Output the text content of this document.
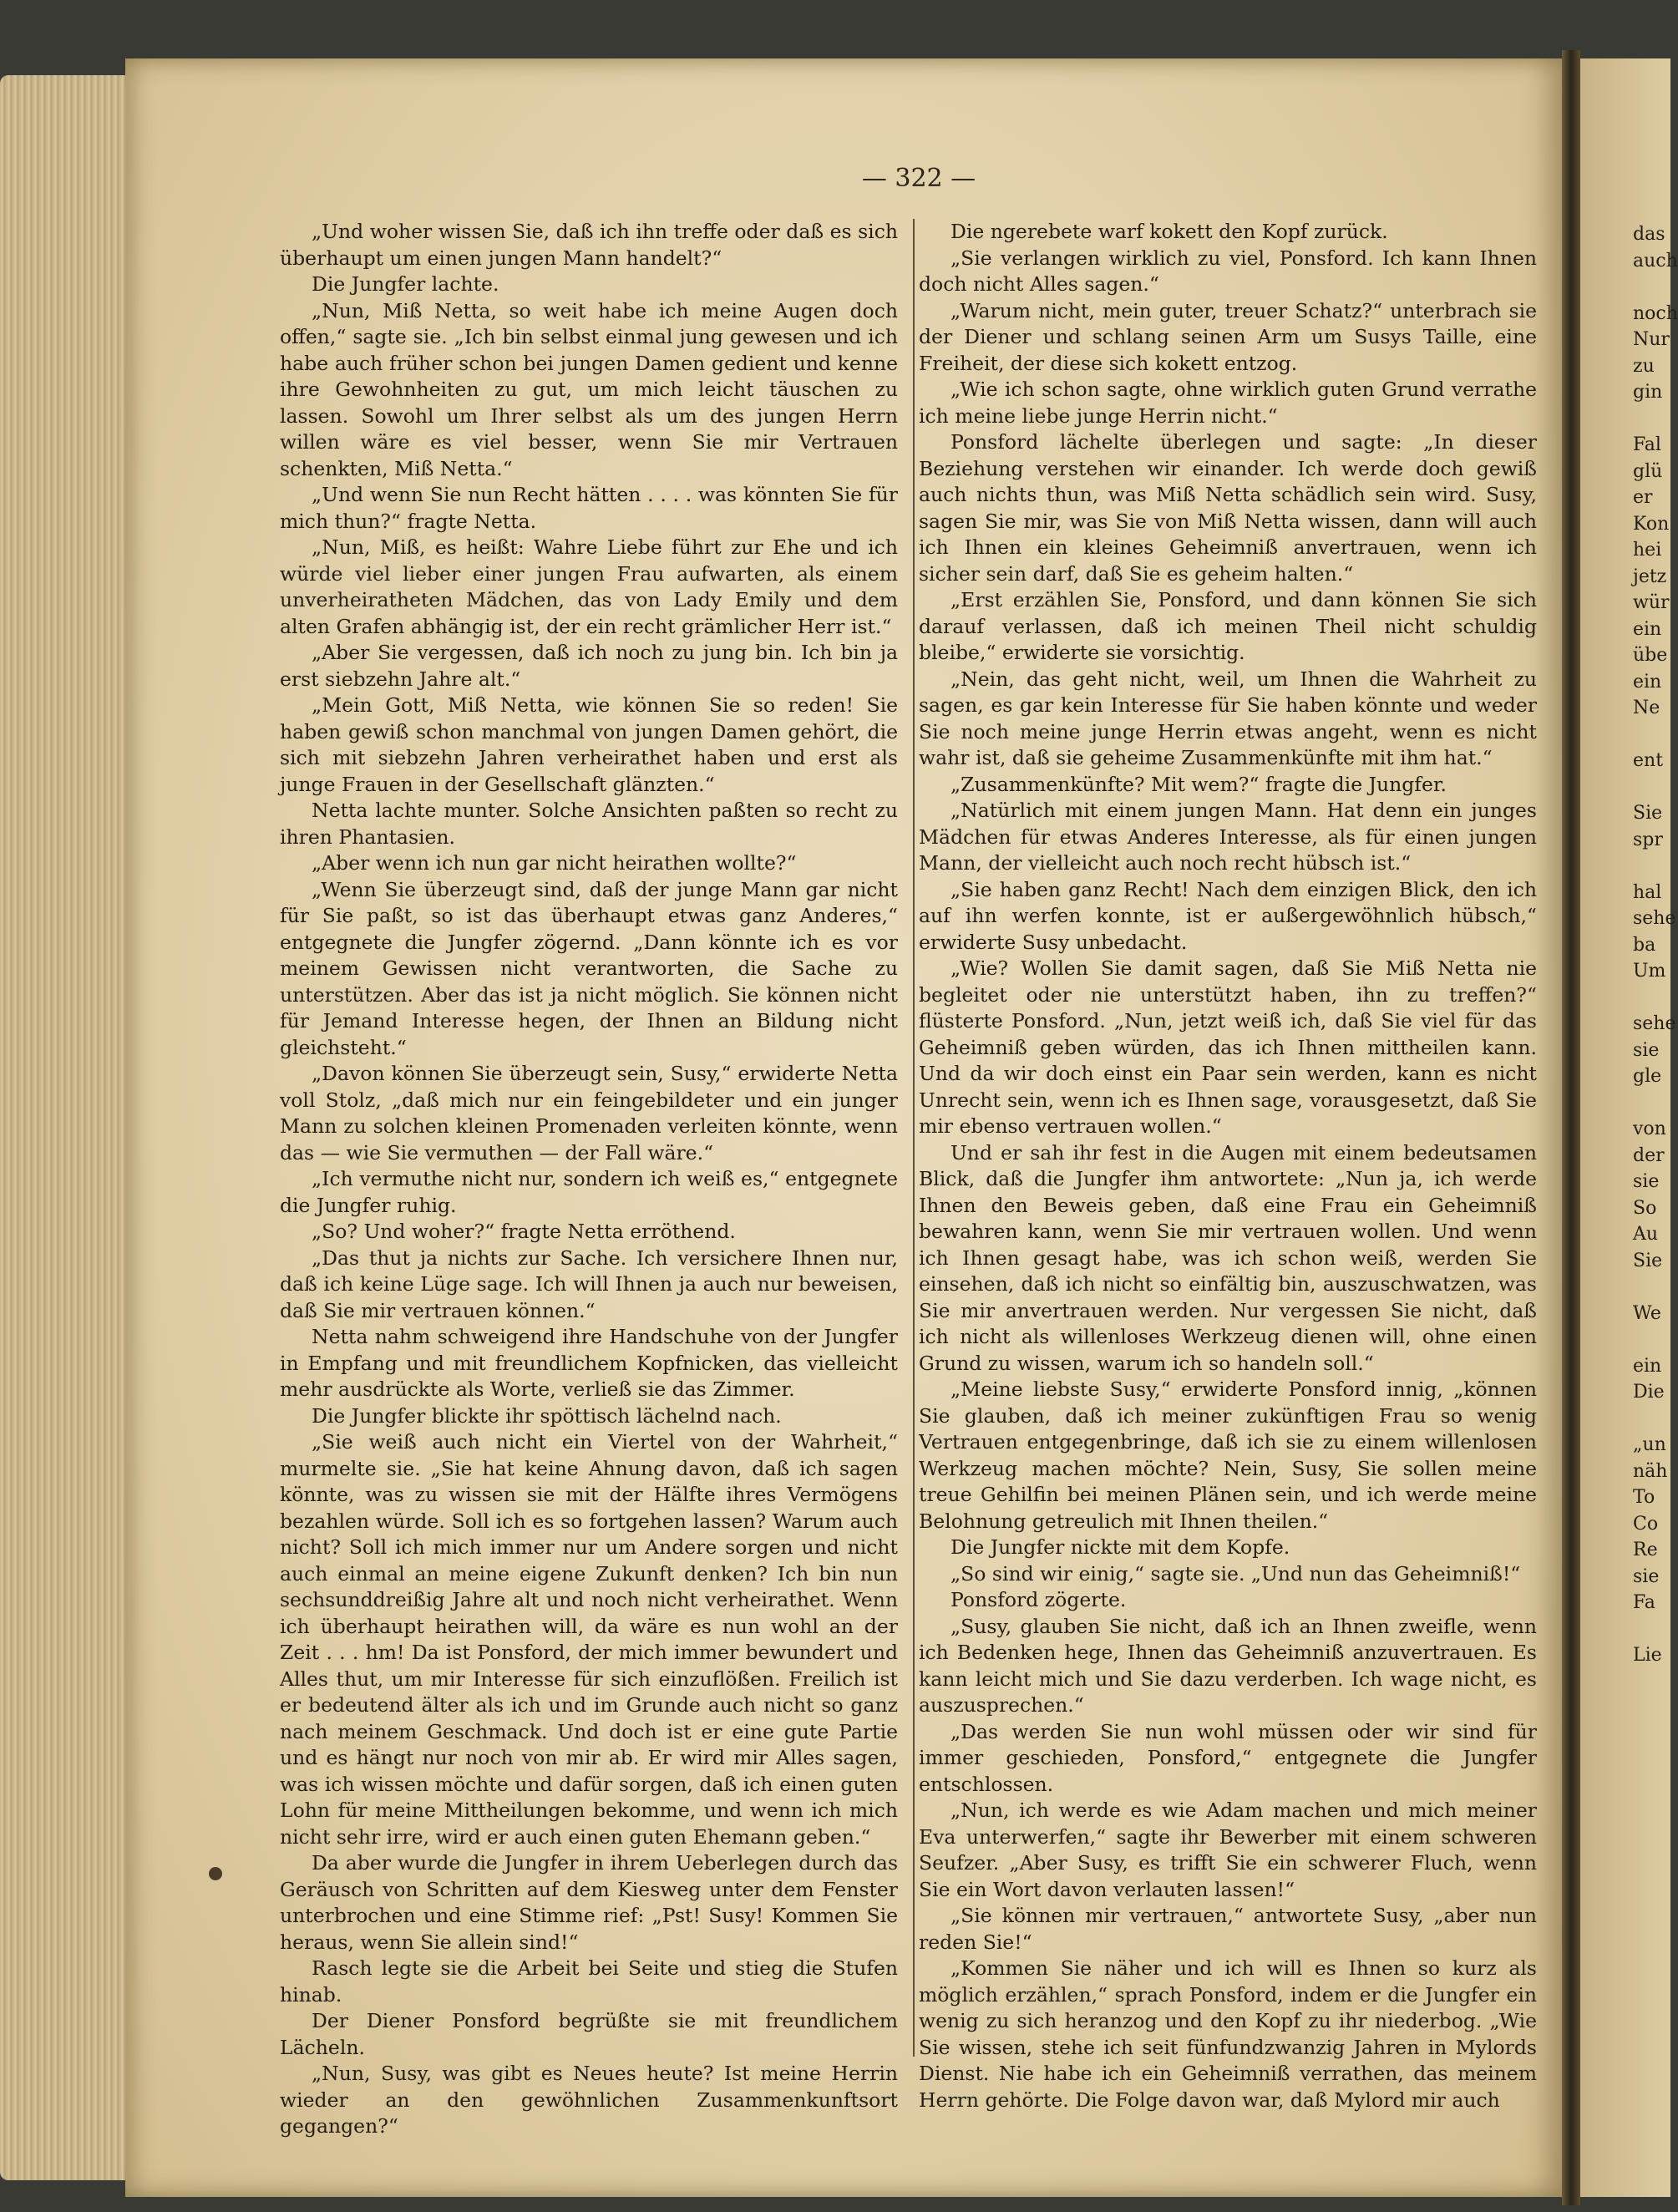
— 322 —

„Und woher wissen Sie, daß ich ihn treffe oder daß es sich überhaupt um einen jungen Mann handelt?“

Die Jungfer lachte.

„Nun, Miß Netta, so weit habe ich meine Augen doch offen,“ sagte sie. „Ich bin selbst einmal jung gewesen und ich habe auch früher schon bei jungen Damen gedient und kenne ihre Gewohnheiten zu gut, um mich leicht täuschen zu lassen. Sowohl um Ihrer selbst als um des jungen Herrn willen wäre es viel besser, wenn Sie mir Vertrauen schenkten, Miß Netta.“

„Und wenn Sie nun Recht hätten . . . . was könnten Sie für mich thun?“ fragte Netta.

„Nun, Miß, es heißt: Wahre Liebe führt zur Ehe und ich würde viel lieber einer jungen Frau aufwarten, als einem unverheiratheten Mädchen, das von Lady Emily und dem alten Grafen abhängig ist, der ein recht grämlicher Herr ist.“

„Aber Sie vergessen, daß ich noch zu jung bin. Ich bin ja erst siebzehn Jahre alt.“

„Mein Gott, Miß Netta, wie können Sie so reden! Sie haben gewiß schon manchmal von jungen Damen gehört, die sich mit siebzehn Jahren verheirathet haben und erst als junge Frauen in der Gesellschaft glänzten.“

Netta lachte munter. Solche Ansichten paßten so recht zu ihren Phantasien.

„Aber wenn ich nun gar nicht heirathen wollte?“

„Wenn Sie überzeugt sind, daß der junge Mann gar nicht für Sie paßt, so ist das überhaupt etwas ganz Anderes,“ entgegnete die Jungfer zögernd. „Dann könnte ich es vor meinem Gewissen nicht verantworten, die Sache zu unterstützen. Aber das ist ja nicht möglich. Sie können nicht für Jemand Interesse hegen, der Ihnen an Bildung nicht gleichsteht.“

„Davon können Sie überzeugt sein, Susy,“ erwiderte Netta voll Stolz, „daß mich nur ein feingebildeter und ein junger Mann zu solchen kleinen Promenaden verleiten könnte, wenn das — wie Sie vermuthen — der Fall wäre.“

„Ich vermuthe nicht nur, sondern ich weiß es,“ entgegnete die Jungfer ruhig.

„So? Und woher?“ fragte Netta erröthend.

„Das thut ja nichts zur Sache. Ich versichere Ihnen nur, daß ich keine Lüge sage. Ich will Ihnen ja auch nur beweisen, daß Sie mir vertrauen können.“

Netta nahm schweigend ihre Handschuhe von der Jungfer in Empfang und mit freundlichem Kopfnicken, das vielleicht mehr ausdrückte als Worte, verließ sie das Zimmer.

Die Jungfer blickte ihr spöttisch lächelnd nach.

„Sie weiß auch nicht ein Viertel von der Wahrheit,“ murmelte sie. „Sie hat keine Ahnung davon, daß ich sagen könnte, was zu wissen sie mit der Hälfte ihres Vermögens bezahlen würde. Soll ich es so fortgehen lassen? Warum auch nicht? Soll ich mich immer nur um Andere sorgen und nicht auch einmal an meine eigene Zukunft denken? Ich bin nun sechsunddreißig Jahre alt und noch nicht verheirathet. Wenn ich überhaupt heirathen will, da wäre es nun wohl an der Zeit . . . hm! Da ist Ponsford, der mich immer bewundert und Alles thut, um mir Interesse für sich einzuflößen. Freilich ist er bedeutend älter als ich und im Grunde auch nicht so ganz nach meinem Geschmack. Und doch ist er eine gute Partie und es hängt nur noch von mir ab. Er wird mir Alles sagen, was ich wissen möchte und dafür sorgen, daß ich einen guten Lohn für meine Mittheilungen bekomme, und wenn ich mich nicht sehr irre, wird er auch einen guten Ehemann geben.“

Da aber wurde die Jungfer in ihrem Ueberlegen durch das Geräusch von Schritten auf dem Kiesweg unter dem Fenster unterbrochen und eine Stimme rief: „Pst! Susy! Kommen Sie heraus, wenn Sie allein sind!“

Rasch legte sie die Arbeit bei Seite und stieg die Stufen hinab.

Der Diener Ponsford begrüßte sie mit freundlichem Lächeln.

„Nun, Susy, was gibt es Neues heute? Ist meine Herrin wieder an den gewöhnlichen Zusammenkunftsort gegangen?“

Die ngerebete warf kokett den Kopf zurück.

„Sie verlangen wirklich zu viel, Ponsford. Ich kann Ihnen doch nicht Alles sagen.“

„Warum nicht, mein guter, treuer Schatz?“ unterbrach sie der Diener und schlang seinen Arm um Susys Taille, eine Freiheit, der diese sich kokett entzog.

„Wie ich schon sagte, ohne wirklich guten Grund verrathe ich meine liebe junge Herrin nicht.“

Ponsford lächelte überlegen und sagte: „In dieser Beziehung verstehen wir einander. Ich werde doch gewiß auch nichts thun, was Miß Netta schädlich sein wird. Susy, sagen Sie mir, was Sie von Miß Netta wissen, dann will auch ich Ihnen ein kleines Geheimniß anvertrauen, wenn ich sicher sein darf, daß Sie es geheim halten.“

„Erst erzählen Sie, Ponsford, und dann können Sie sich darauf verlassen, daß ich meinen Theil nicht schuldig bleibe,“ erwiderte sie vorsichtig.

„Nein, das geht nicht, weil, um Ihnen die Wahrheit zu sagen, es gar kein Interesse für Sie haben könnte und weder Sie noch meine junge Herrin etwas angeht, wenn es nicht wahr ist, daß sie geheime Zusammenkünfte mit ihm hat.“

„Zusammenkünfte? Mit wem?“ fragte die Jungfer.

„Natürlich mit einem jungen Mann. Hat denn ein junges Mädchen für etwas Anderes Interesse, als für einen jungen Mann, der vielleicht auch noch recht hübsch ist.“

„Sie haben ganz Recht! Nach dem einzigen Blick, den ich auf ihn werfen konnte, ist er außergewöhnlich hübsch,“ erwiderte Susy unbedacht.

„Wie? Wollen Sie damit sagen, daß Sie Miß Netta nie begleitet oder nie unterstützt haben, ihn zu treffen?“ flüsterte Ponsford. „Nun, jetzt weiß ich, daß Sie viel für das Geheimniß geben würden, das ich Ihnen mittheilen kann. Und da wir doch einst ein Paar sein werden, kann es nicht Unrecht sein, wenn ich es Ihnen sage, vorausgesetzt, daß Sie mir ebenso vertrauen wollen.“

Und er sah ihr fest in die Augen mit einem bedeutsamen Blick, daß die Jungfer ihm antwortete: „Nun ja, ich werde Ihnen den Beweis geben, daß eine Frau ein Geheimniß bewahren kann, wenn Sie mir vertrauen wollen. Und wenn ich Ihnen gesagt habe, was ich schon weiß, werden Sie einsehen, daß ich nicht so einfältig bin, auszuschwatzen, was Sie mir anvertrauen werden. Nur vergessen Sie nicht, daß ich nicht als willenloses Werkzeug dienen will, ohne einen Grund zu wissen, warum ich so handeln soll.“

„Meine liebste Susy,“ erwiderte Ponsford innig, „können Sie glauben, daß ich meiner zukünftigen Frau so wenig Vertrauen entgegenbringe, daß ich sie zu einem willenlosen Werkzeug machen möchte? Nein, Susy, Sie sollen meine treue Gehilfin bei meinen Plänen sein, und ich werde meine Belohnung getreulich mit Ihnen theilen.“

Die Jungfer nickte mit dem Kopfe.

„So sind wir einig,“ sagte sie. „Und nun das Geheimniß!“

Ponsford zögerte.

„Susy, glauben Sie nicht, daß ich an Ihnen zweifle, wenn ich Bedenken hege, Ihnen das Geheimniß anzuvertrauen. Es kann leicht mich und Sie dazu verderben. Ich wage nicht, es auszusprechen.“

„Das werden Sie nun wohl müssen oder wir sind für immer geschieden, Ponsford,“ entgegnete die Jungfer entschlossen.

„Nun, ich werde es wie Adam machen und mich meiner Eva unterwerfen,“ sagte ihr Bewerber mit einem schweren Seufzer. „Aber Susy, es trifft Sie ein schwerer Fluch, wenn Sie ein Wort davon verlauten lassen!“

„Sie können mir vertrauen,“ antwortete Susy, „aber nun reden Sie!“

„Kommen Sie näher und ich will es Ihnen so kurz als möglich erzählen,“ sprach Ponsford, indem er die Jungfer ein wenig zu sich heranzog und den Kopf zu ihr niederbog. „Wie Sie wissen, stehe ich seit fünfundzwanzig Jahren in Mylords Dienst. Nie habe ich ein Geheimniß verrathen, das meinem Herrn gehörte. Die Folge davon war, daß Mylord mir auch

das
auch
noch
Nur
zu
gin
Fal
glü
er
Kon
hei
jetz
wür
ein
übe
ein
Ne
ent
Sie
spr
hal
sehe
ba
Um
sehe
sie
gle
von
der
sie
So
Au
Sie
We
ein
Die
„un
näh
To
Co
Re
sie
Fa
Lie
